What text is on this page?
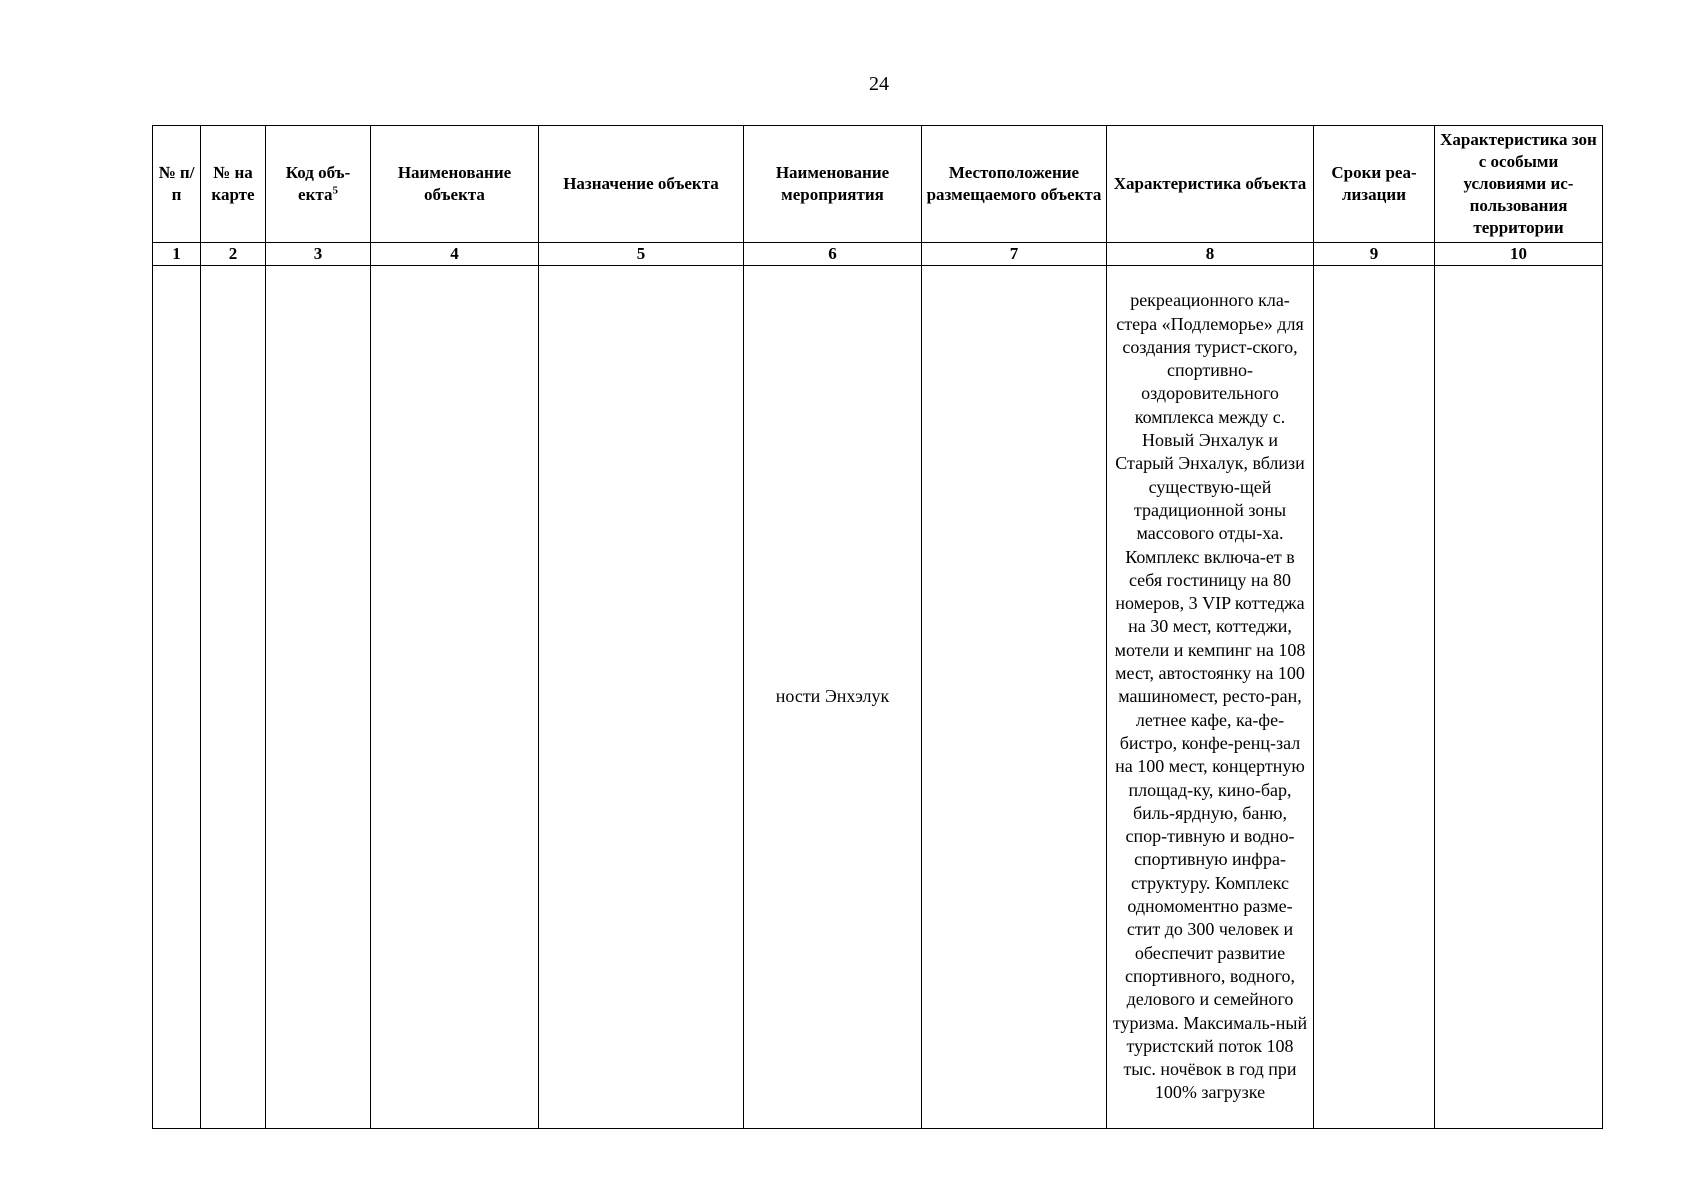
24
№ п/п	№ на карте	Код объ-екта$^5$	Наименование объекта	Назначение объекта	Наименование мероприятия	Местоположение размещаемого объекта	Характеристика объекта	Сроки реа-лизации	Характеристика зон с особыми условиями ис-пользования территории
1	2	3	4	5	6	7	8	9	10
					ности Энхэлук		рекреационного кла-стера «Подлеморье» для создания турист-ского, спортивно-оздоровительного комплекса между с. Новый Энхалук и Старый Энхалук, вблизи существую-щей традиционной зоны массового отды-ха. Комплекс включа-ет в себя гостиницу на 80 номеров, 3 VIP коттеджа на 30 мест, коттеджи, мотели и кемпинг на 108 мест, автостоянку на 100 машиномест, ресто-ран, летнее кафе, ка-фе-бистро, конфе-ренц-зал на 100 мест, концертную площад-ку, кино-бар, биль-ярдную, баню, спор-тивную и водно-спортивную инфра-структуру. Комплекс одномоментно разме-стит до 300 человек и обеспечит развитие спортивного, водного, делового и семейного туризма. Максималь-ный туристский поток 108 тыс. ночёвок в год при 100% загрузке		
